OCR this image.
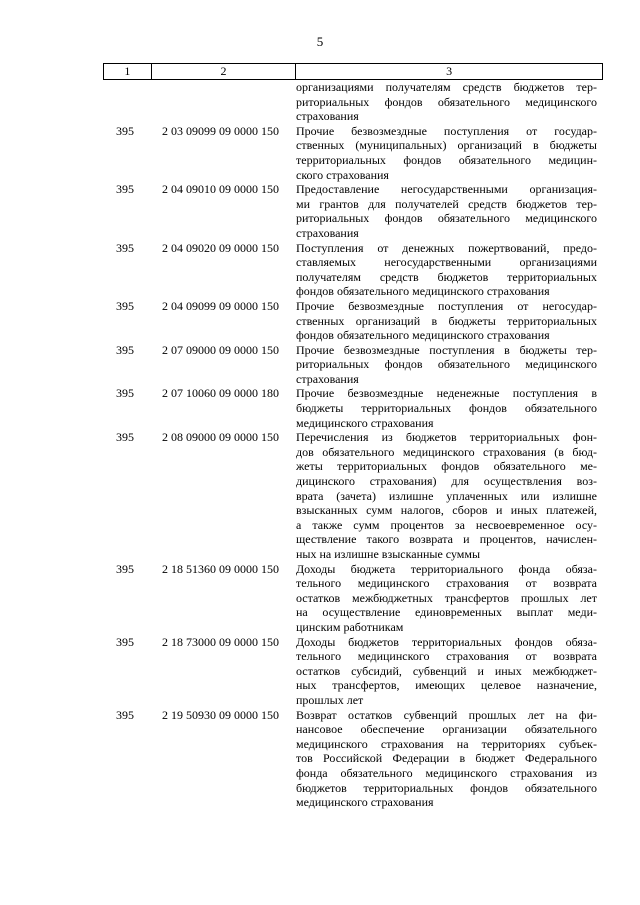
5
1	2	3
организациями получателям средств бюджетов тер-
риториальных фондов обязательного медицинского
страхования
395	2 03 09099 09 0000 150	Прочие безвозмездные поступления от государ-
ственных (муниципальных) организаций в бюджеты
территориальных фондов обязательного медицин-
ского страхования
395	2 04 09010 09 0000 150	Предоставление негосударственными организация-
ми грантов для получателей средств бюджетов тер-
риториальных фондов обязательного медицинского
страхования
395	2 04 09020 09 0000 150	Поступления от денежных пожертвований, предо-
ставляемых негосударственными организациями
получателям средств бюджетов территориальных
фондов обязательного медицинского страхования
395	2 04 09099 09 0000 150	Прочие безвозмездные поступления от негосудар-
ственных организаций в бюджеты территориальных
фондов обязательного медицинского страхования
395	2 07 09000 09 0000 150	Прочие безвозмездные поступления в бюджеты тер-
риториальных фондов обязательного медицинского
страхования
395	2 07 10060 09 0000 180	Прочие безвозмездные неденежные поступления в
бюджеты территориальных фондов обязательного
медицинского страхования
395	2 08 09000 09 0000 150	Перечисления из бюджетов территориальных фон-
дов обязательного медицинского страхования (в бюд-
жеты территориальных фондов обязательного ме-
дицинского страхования) для осуществления воз-
врата (зачета) излишне уплаченных или излишне
взысканных сумм налогов, сборов и иных платежей,
а также сумм процентов за несвоевременное осу-
ществление такого возврата и процентов, начислен-
ных на излишне взысканные суммы
395	2 18 51360 09 0000 150	Доходы бюджета территориального фонда обяза-
тельного медицинского страхования от возврата
остатков межбюджетных трансфертов прошлых лет
на осуществление единовременных выплат меди-
цинским работникам
395	2 18 73000 09 0000 150	Доходы бюджетов территориальных фондов обяза-
тельного медицинского страхования от возврата
остатков субсидий, субвенций и иных межбюджет-
ных трансфертов, имеющих целевое назначение,
прошлых лет
395	2 19 50930 09 0000 150	Возврат остатков субвенций прошлых лет на фи-
нансовое обеспечение организации обязательного
медицинского страхования на территориях субъек-
тов Российской Федерации в бюджет Федерального
фонда обязательного медицинского страхования из
бюджетов территориальных фондов обязательного
медицинского страхования
